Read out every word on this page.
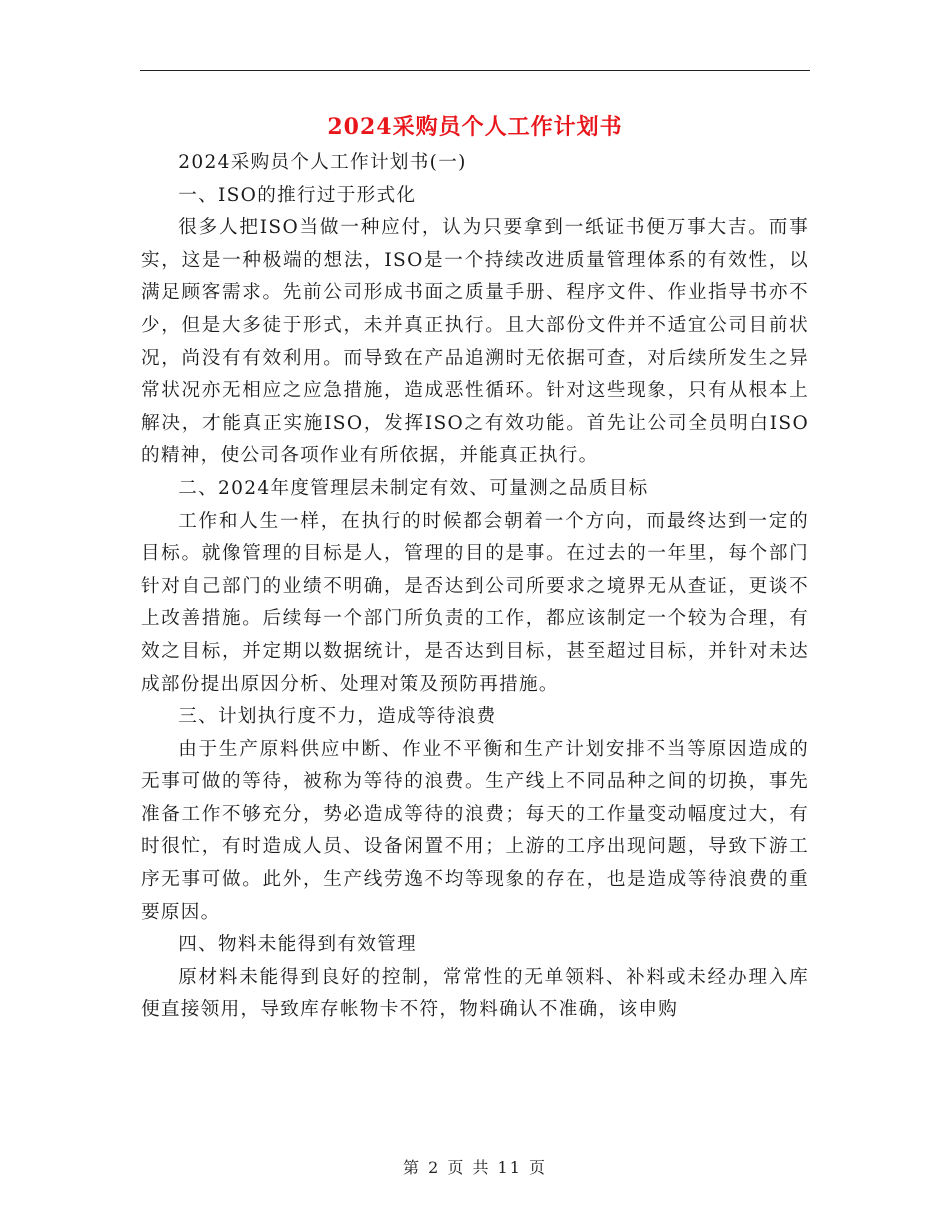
2024采购员个人工作计划书

2024采购员个人工作计划书(一)

一、ISO的推行过于形式化

很多人把ISO当做一种应付，认为只要拿到一纸证书便万事大吉。而事实，这是一种极端的想法，ISO是一个持续改进质量管理体系的有效性，以满足顾客需求。先前公司形成书面之质量手册、程序文件、作业指导书亦不少，但是大多徒于形式，未并真正执行。且大部份文件并不适宜公司目前状况，尚没有有效利用。而导致在产品追溯时无依据可查，对后续所发生之异常状况亦无相应之应急措施，造成恶性循环。针对这些现象，只有从根本上解决，才能真正实施ISO，发挥ISO之有效功能。首先让公司全员明白ISO的精神，使公司各项作业有所依据，并能真正执行。

二、2024年度管理层未制定有效、可量测之品质目标

工作和人生一样，在执行的时候都会朝着一个方向，而最终达到一定的目标。就像管理的目标是人，管理的目的是事。在过去的一年里，每个部门针对自己部门的业绩不明确，是否达到公司所要求之境界无从查证，更谈不上改善措施。后续每一个部门所负责的工作，都应该制定一个较为合理，有效之目标，并定期以数据统计，是否达到目标，甚至超过目标，并针对未达成部份提出原因分析、处理对策及预防再措施。

三、计划执行度不力，造成等待浪费

由于生产原料供应中断、作业不平衡和生产计划安排不当等原因造成的无事可做的等待，被称为等待的浪费。生产线上不同品种之间的切换，事先准备工作不够充分，势必造成等待的浪费；每天的工作量变动幅度过大，有时很忙，有时造成人员、设备闲置不用；上游的工序出现问题，导致下游工序无事可做。此外，生产线劳逸不均等现象的存在，也是造成等待浪费的重要原因。

四、物料未能得到有效管理

原材料未能得到良好的控制，常常性的无单领料、补料或未经办理入库便直接领用，导致库存帐物卡不符，物料确认不准确，该申购

第 2 页 共 11 页
